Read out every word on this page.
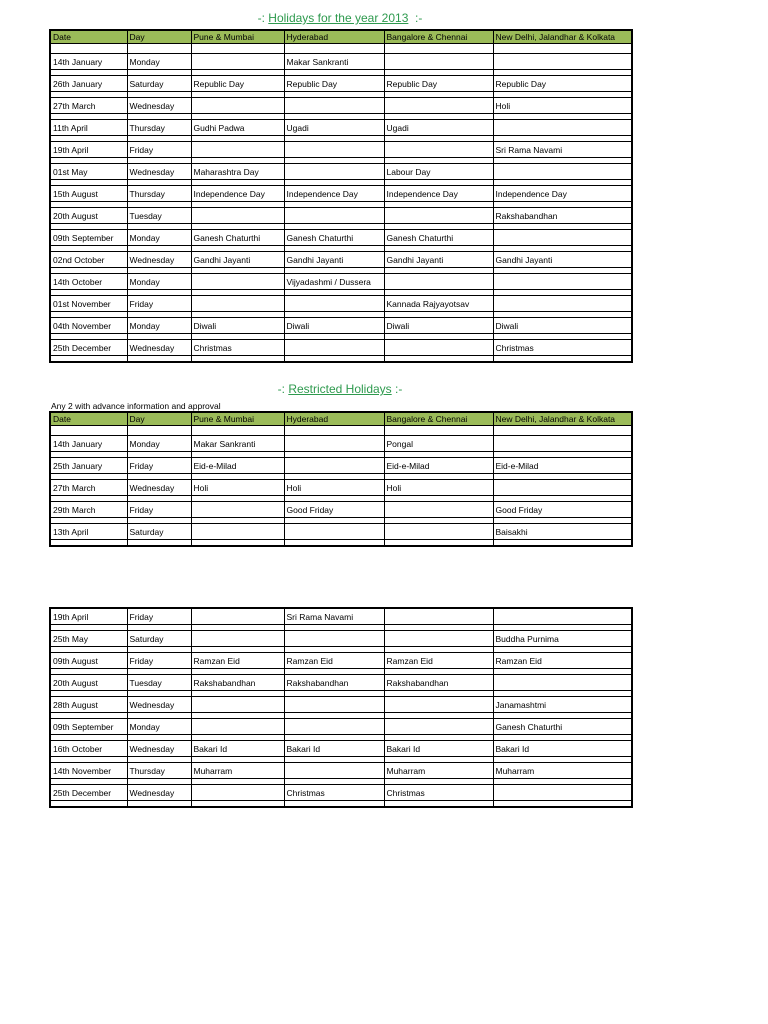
-: Holidays for the year 2013  :-
Date	Day	Pune & Mumbai	Hyderabad	Bangalore & Chennai	New Delhi, Jalandhar & Kolkata

14th January	Monday		Makar Sankranti		

26th January	Saturday	Republic Day	Republic Day	Republic Day	Republic Day

27th March	Wednesday				Holi

11th April	Thursday	Gudhi Padwa	Ugadi	Ugadi	

19th April	Friday				Sri Rama Navami

01st May	Wednesday	Maharashtra Day		Labour Day	

15th August	Thursday	Independence Day	Independence Day	Independence Day	Independence Day

20th August	Tuesday				Rakshabandhan

09th September	Monday	Ganesh Chaturthi	Ganesh Chaturthi	Ganesh Chaturthi	

02nd October	Wednesday	Gandhi Jayanti	Gandhi Jayanti	Gandhi Jayanti	Gandhi Jayanti

14th October	Monday		Vijyadashmi / Dussera		

01st November	Friday			Kannada Rajyayotsav	

04th November	Monday	Diwali	Diwali	Diwali	Diwali

25th December	Wednesday	Christmas			Christmas

-: Restricted Holidays :-
Any 2 with advance information and approval
Date	Day	Pune & Mumbai	Hyderabad	Bangalore & Chennai	New Delhi, Jalandhar & Kolkata

14th January	Monday	Makar Sankranti		Pongal	

25th January	Friday	Eid-e-Milad		Eid-e-Milad	Eid-e-Milad

27th March	Wednesday	Holi	Holi	Holi	

29th March	Friday		Good Friday		Good Friday

13th April	Saturday				Baisakhi

19th April	Friday		Sri Rama Navami		

25th May	Saturday				Buddha Purnima

09th August	Friday	Ramzan Eid	Ramzan Eid	Ramzan Eid	Ramzan Eid

20th August	Tuesday	Rakshabandhan	Rakshabandhan	Rakshabandhan	

28th August	Wednesday				Janamashtmi

09th September	Monday				Ganesh Chaturthi

16th October	Wednesday	Bakari Id	Bakari Id	Bakari Id	Bakari Id

14th November	Thursday	Muharram		Muharram	Muharram

25th December	Wednesday		Christmas	Christmas	
